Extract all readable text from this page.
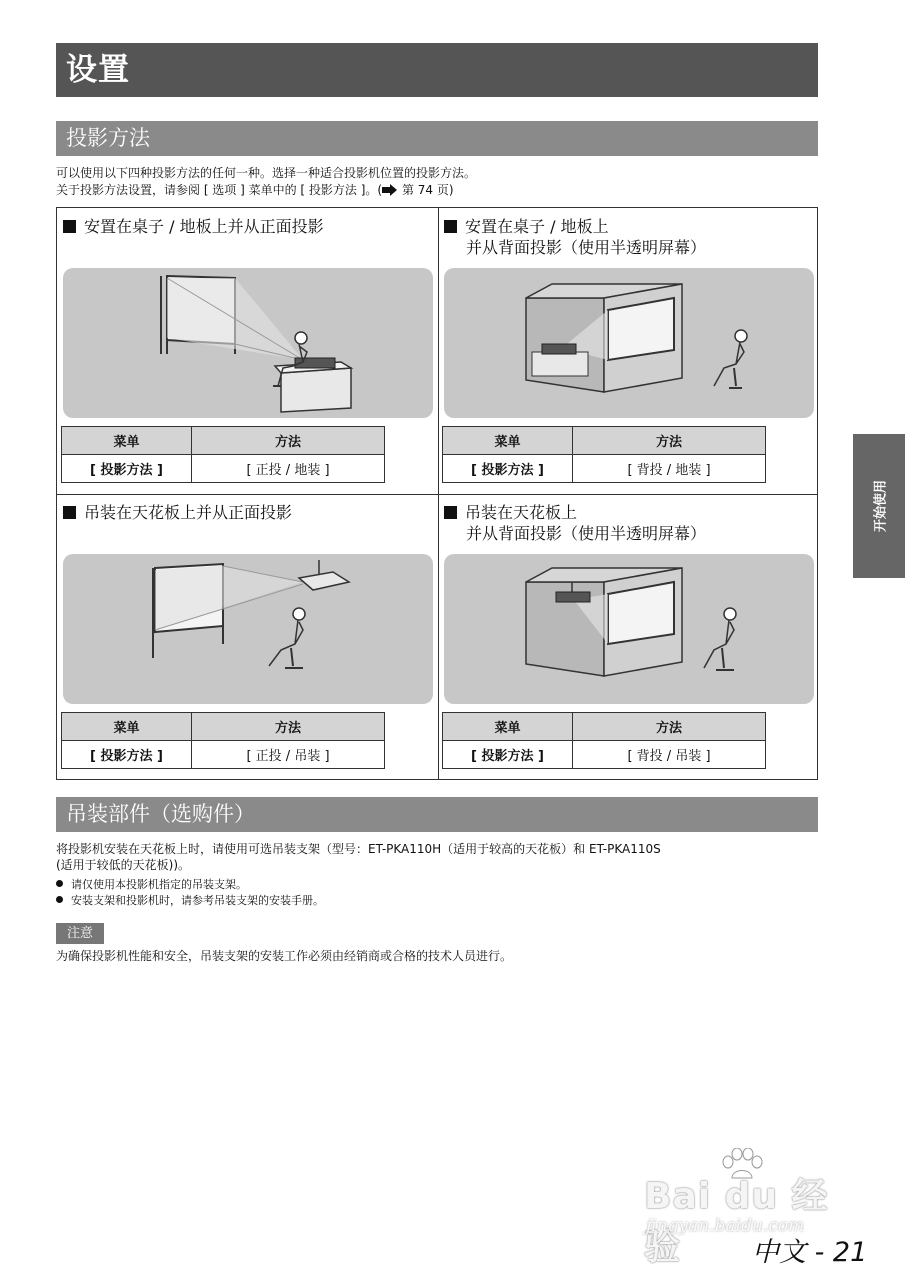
设置
投影方法
可以使用以下四种投影方法的任何一种。选择一种适合投影机位置的投影方法。
关于投影方法设置，请参阅 [ 选项 ] 菜单中的 [ 投影方法 ]。( 第 74 页)
安置在桌子 / 地板上并从正面投影
菜单	方法
[ 投影方法 ]	[ 正投 / 地装 ]
安置在桌子 / 地板上
并从背面投影（使用半透明屏幕）
菜单	方法
[ 投影方法 ]	[ 背投 / 地装 ]
吊装在天花板上并从正面投影
菜单	方法
[ 投影方法 ]	[ 正投 / 吊装 ]
吊装在天花板上
并从背面投影（使用半透明屏幕）
菜单	方法
[ 投影方法 ]	[ 背投 / 吊装 ]
吊装部件（选购件）
将投影机安装在天花板上时，请使用可选吊装支架（型号：ET-PKA110H（适用于较高的天花板）和 ET-PKA110S
(适用于较低的天花板))。
请仅使用本投影机指定的吊装支架。
安装支架和投影机时，请参考吊装支架的安装手册。
注意
为确保投影机性能和安全，吊装支架的安装工作必须由经销商或合格的技术人员进行。
开始使用
Bai du 经验
jingyan.baidu.com
中文 - 21
